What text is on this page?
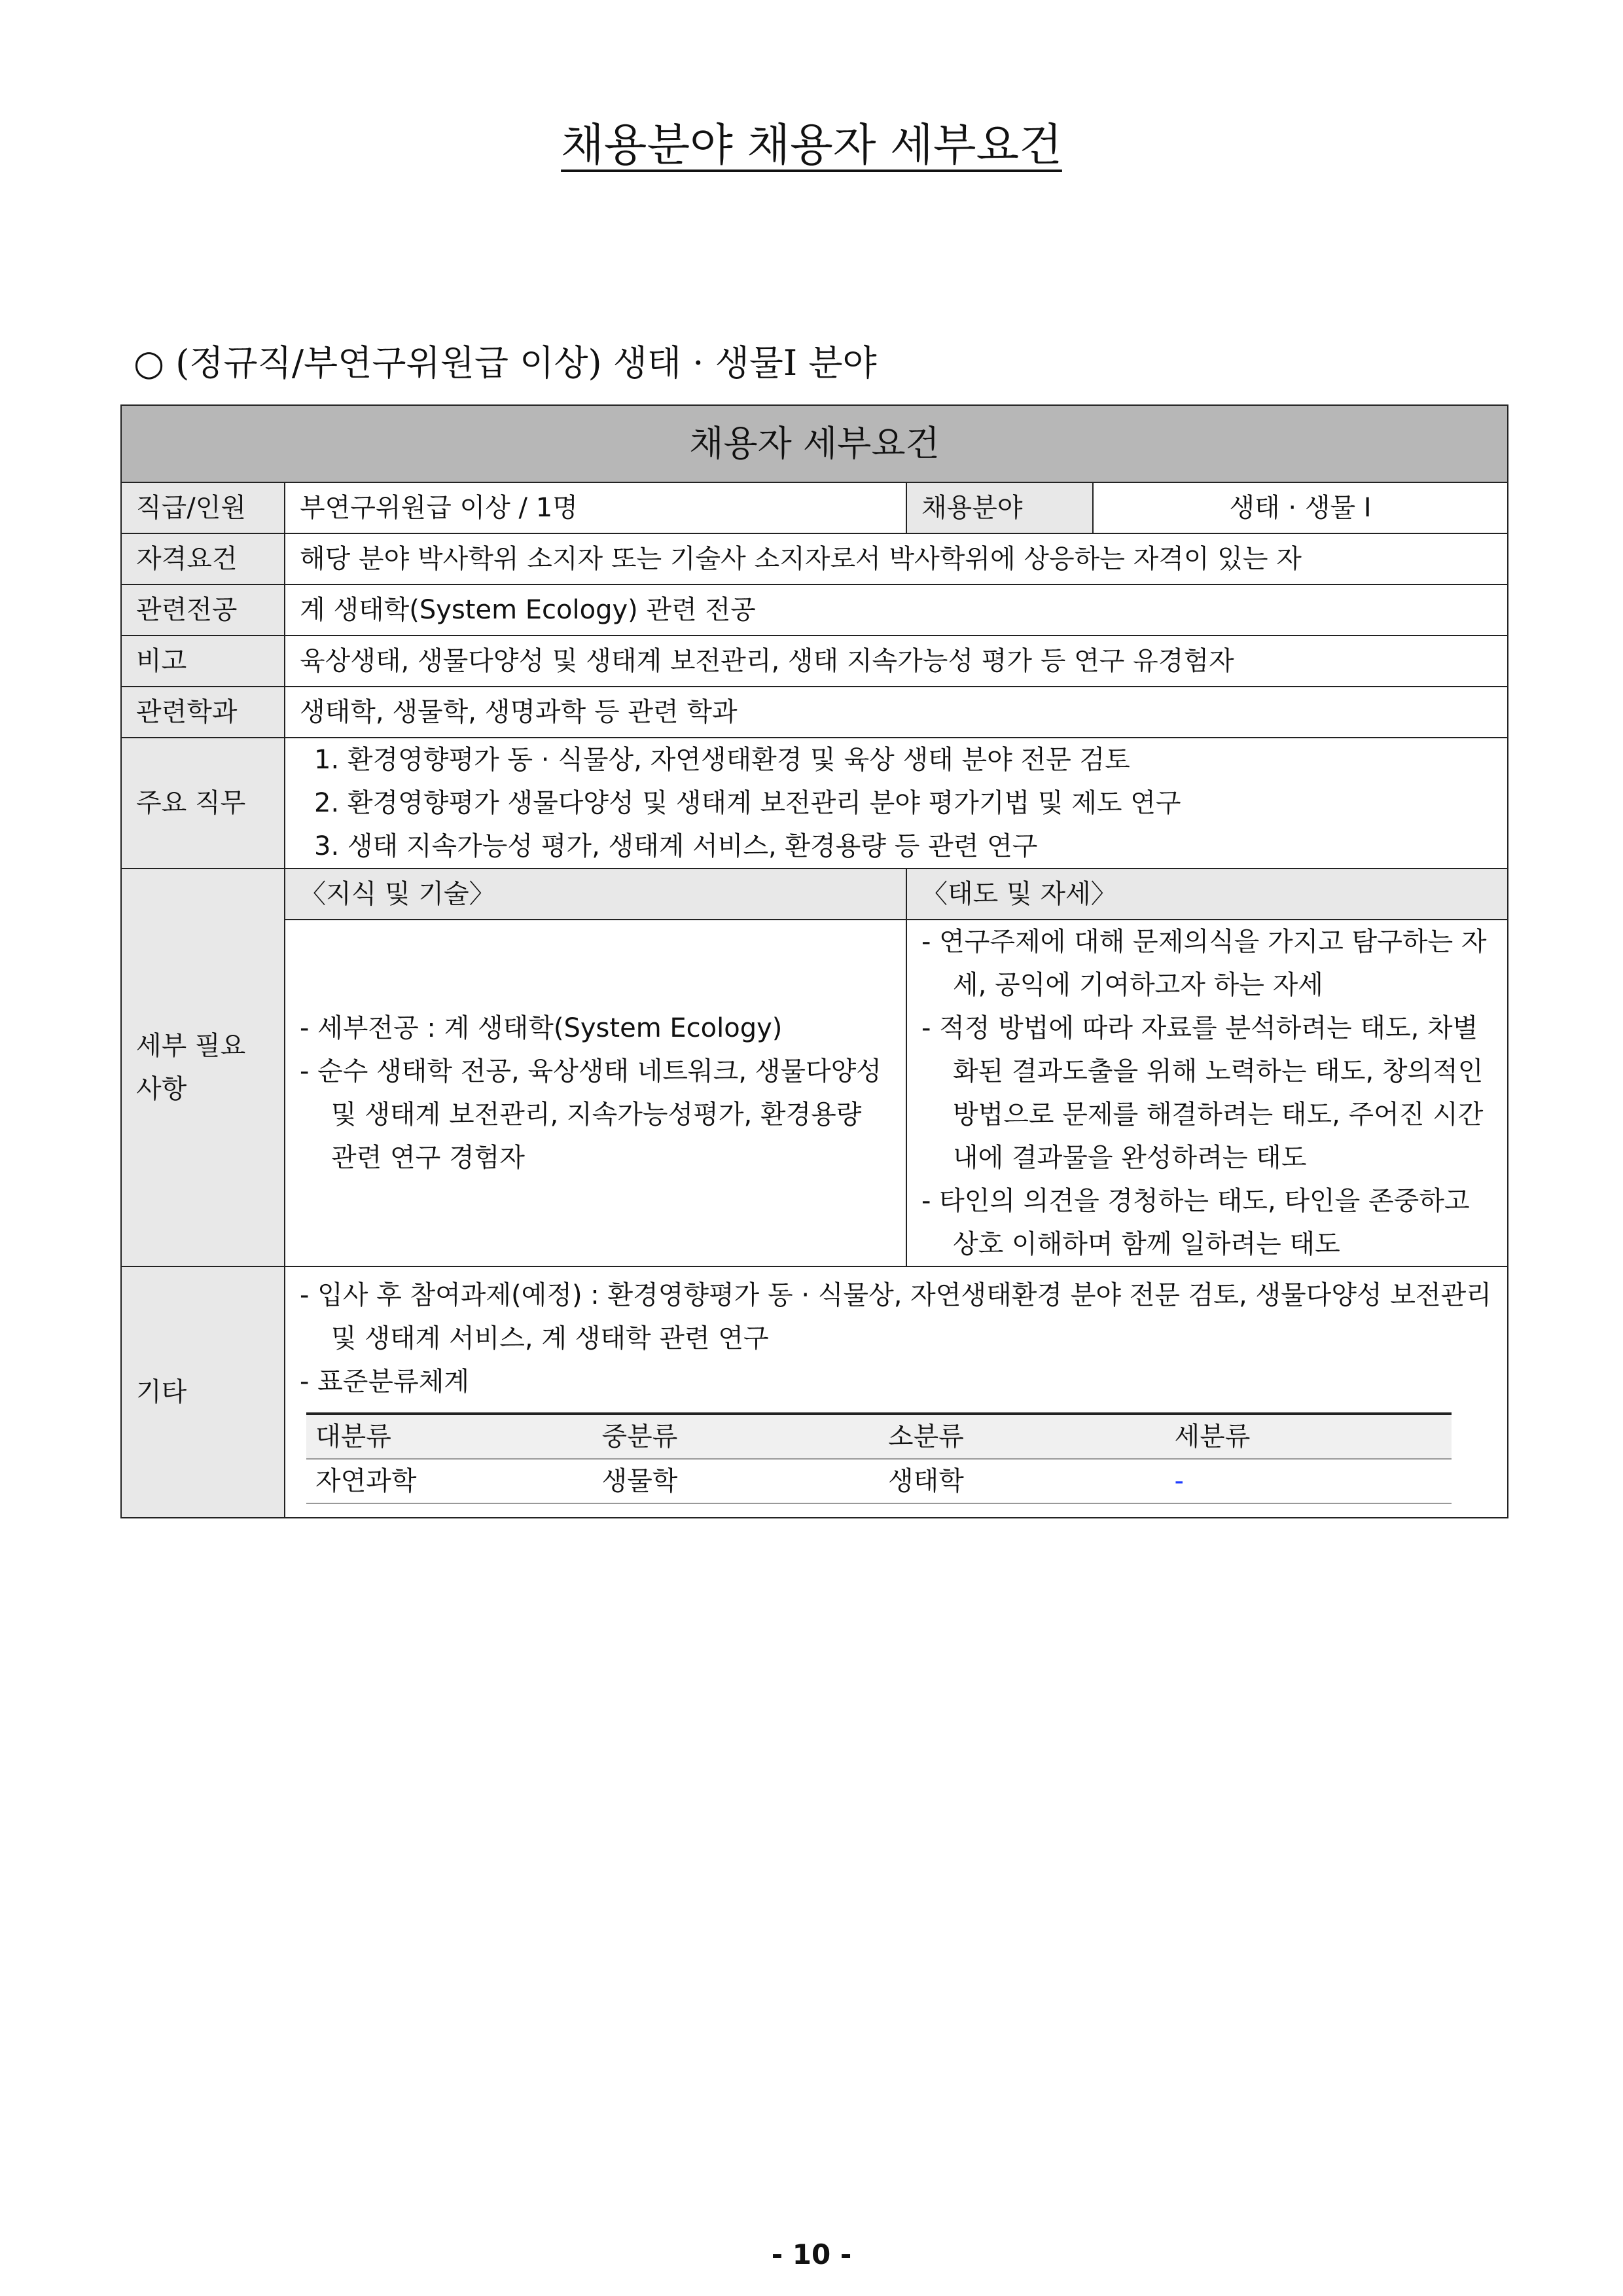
채용분야 채용자 세부요건
○ (정규직/부연구위원급 이상) 생태 · 생물Ⅰ 분야
채용자 세부요건
직급/인원	부연구위원급 이상 / 1명	채용분야	생태 · 생물 I
자격요건	해당 분야 박사학위 소지자 또는 기술사 소지자로서 박사학위에 상응하는 자격이 있는 자
관련전공	계 생태학(System Ecology) 관련 전공
비고	육상생태, 생물다양성 및 생태계 보전관리, 생태 지속가능성 평가 등 연구 유경험자
관련학과	생태학, 생물학, 생명과학 등 관련 학과
주요 직무	
1. 환경영향평가 동 · 식물상, 자연생태환경 및 육상 생태 분야 전문 검토
2. 환경영향평가 생물다양성 및 생태계 보전관리 분야 평가기법 및 제도 연구
3. 생태 지속가능성 평가, 생태계 서비스, 환경용량 등 관련 연구

세부 필요사항	〈지식 및 기술〉	〈태도 및 자세〉

- 세부전공 : 계 생태학(System Ecology)
- 순수 생태학 전공, 육상생태 네트워크, 생물다양성 및 생태계 보전관리, 지속가능성평가, 환경용량 관련 연구 경험자

- 연구주제에 대해 문제의식을 가지고 탐구하는 자세, 공익에 기여하고자 하는 자세
- 적정 방법에 따라 자료를 분석하려는 태도, 차별화된 결과도출을 위해 노력하는 태도, 창의적인 방법으로 문제를 해결하려는 태도, 주어진 시간 내에 결과물을 완성하려는 태도
- 타인의 의견을 경청하는 태도, 타인을 존중하고 상호 이해하며 함께 일하려는 태도

기타	
- 입사 후 참여과제(예정) : 환경영향평가 동 · 식물상, 자연생태환경 분야 전문 검토, 생물다양성 보전관리 및 생태계 서비스, 계 생태학 관련 연구
- 표준분류체계
대분류	중분류	소분류	세분류
자연과학	생물학	생태학	-
- 10 -
